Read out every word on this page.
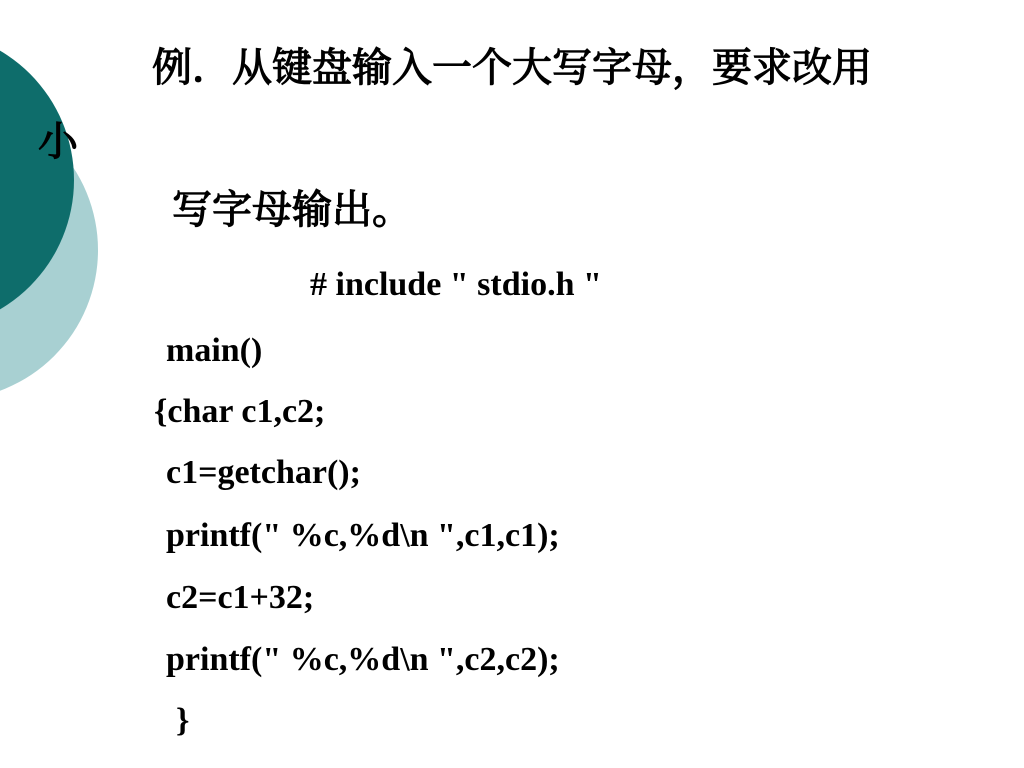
例．从键盘输入一个大写字母，要求改用
小
写字母输出。
# include " stdio.h "
main()
{char c1,c2;
c1=getchar();
printf(" %c,%d\n ",c1,c1);
c2=c1+32;
printf(" %c,%d\n ",c2,c2);
}
